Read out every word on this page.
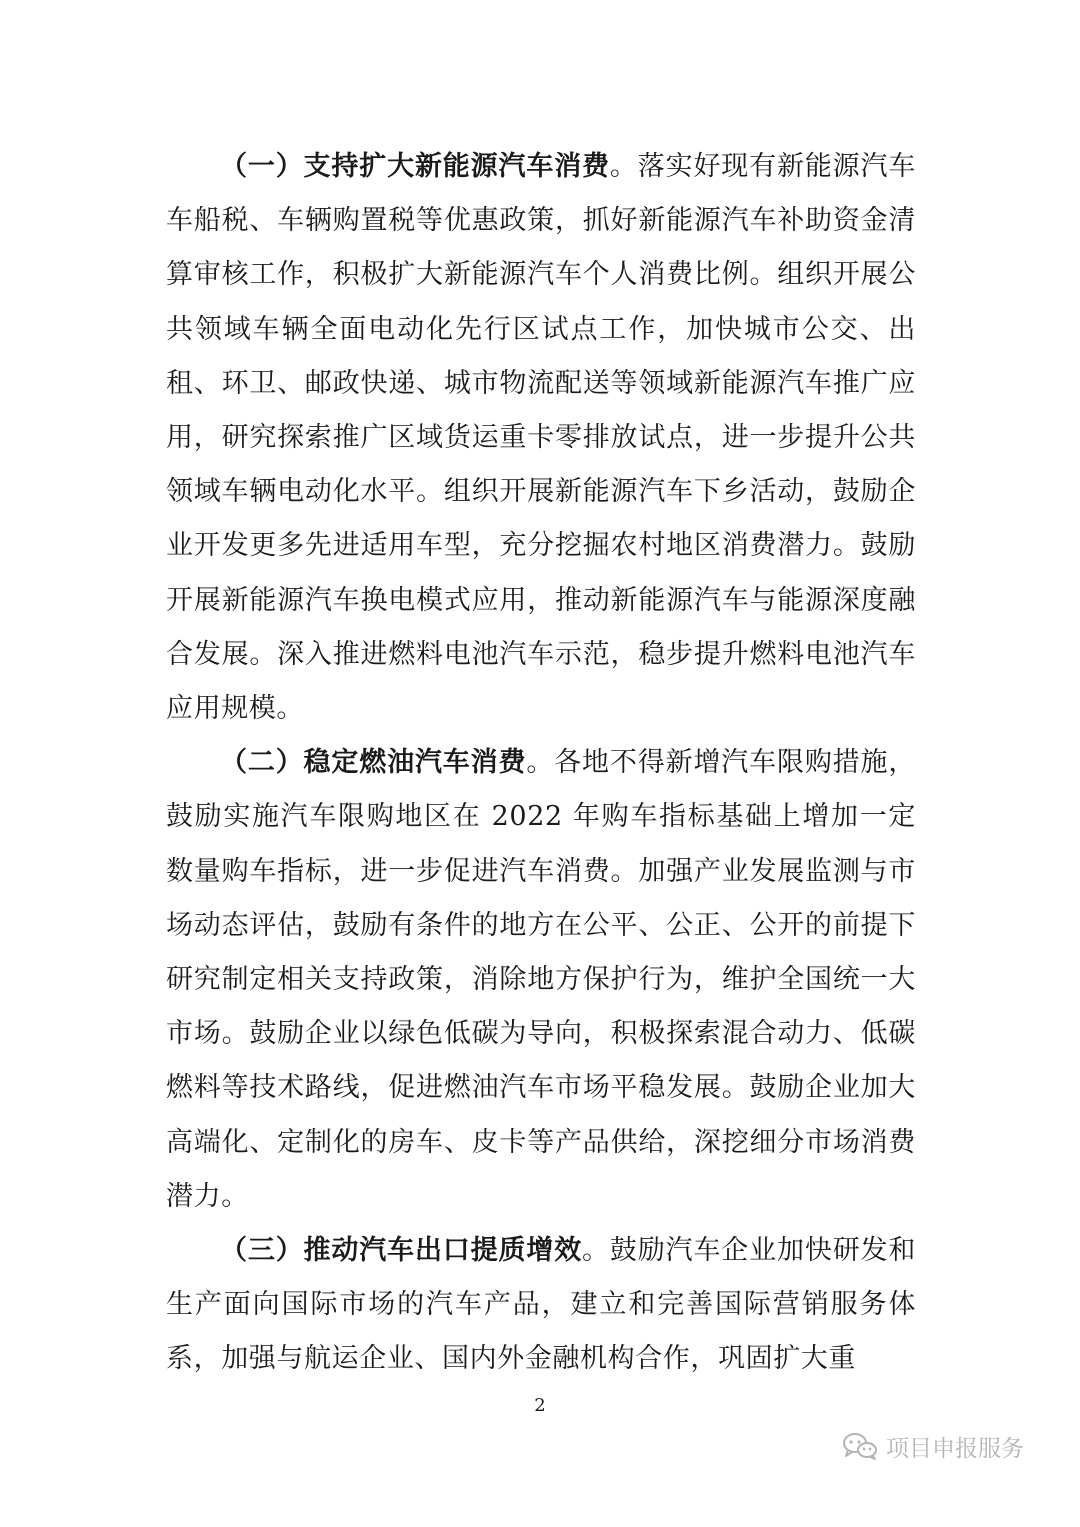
（一）支持扩大新能源汽车消费。落实好现有新能源汽车车船税、车辆购置税等优惠政策，抓好新能源汽车补助资金清算审核工作，积极扩大新能源汽车个人消费比例。组织开展公共领域车辆全面电动化先行区试点工作，加快城市公交、出租、环卫、邮政快递、城市物流配送等领域新能源汽车推广应用，研究探索推广区域货运重卡零排放试点，进一步提升公共领域车辆电动化水平。组织开展新能源汽车下乡活动，鼓励企业开发更多先进适用车型，充分挖掘农村地区消费潜力。鼓励开展新能源汽车换电模式应用，推动新能源汽车与能源深度融合发展。深入推进燃料电池汽车示范，稳步提升燃料电池汽车应用规模。

（二）稳定燃油汽车消费。各地不得新增汽车限购措施，鼓励实施汽车限购地区在 2022 年购车指标基础上增加一定数量购车指标，进一步促进汽车消费。加强产业发展监测与市场动态评估，鼓励有条件的地方在公平、公正、公开的前提下研究制定相关支持政策，消除地方保护行为，维护全国统一大市场。鼓励企业以绿色低碳为导向，积极探索混合动力、低碳燃料等技术路线，促进燃油汽车市场平稳发展。鼓励企业加大高端化、定制化的房车、皮卡等产品供给，深挖细分市场消费潜力。

（三）推动汽车出口提质增效。鼓励汽车企业加快研发和生产面向国际市场的汽车产品，建立和完善国际营销服务体系，加强与航运企业、国内外金融机构合作，巩固扩大重

2
项目申报服务
